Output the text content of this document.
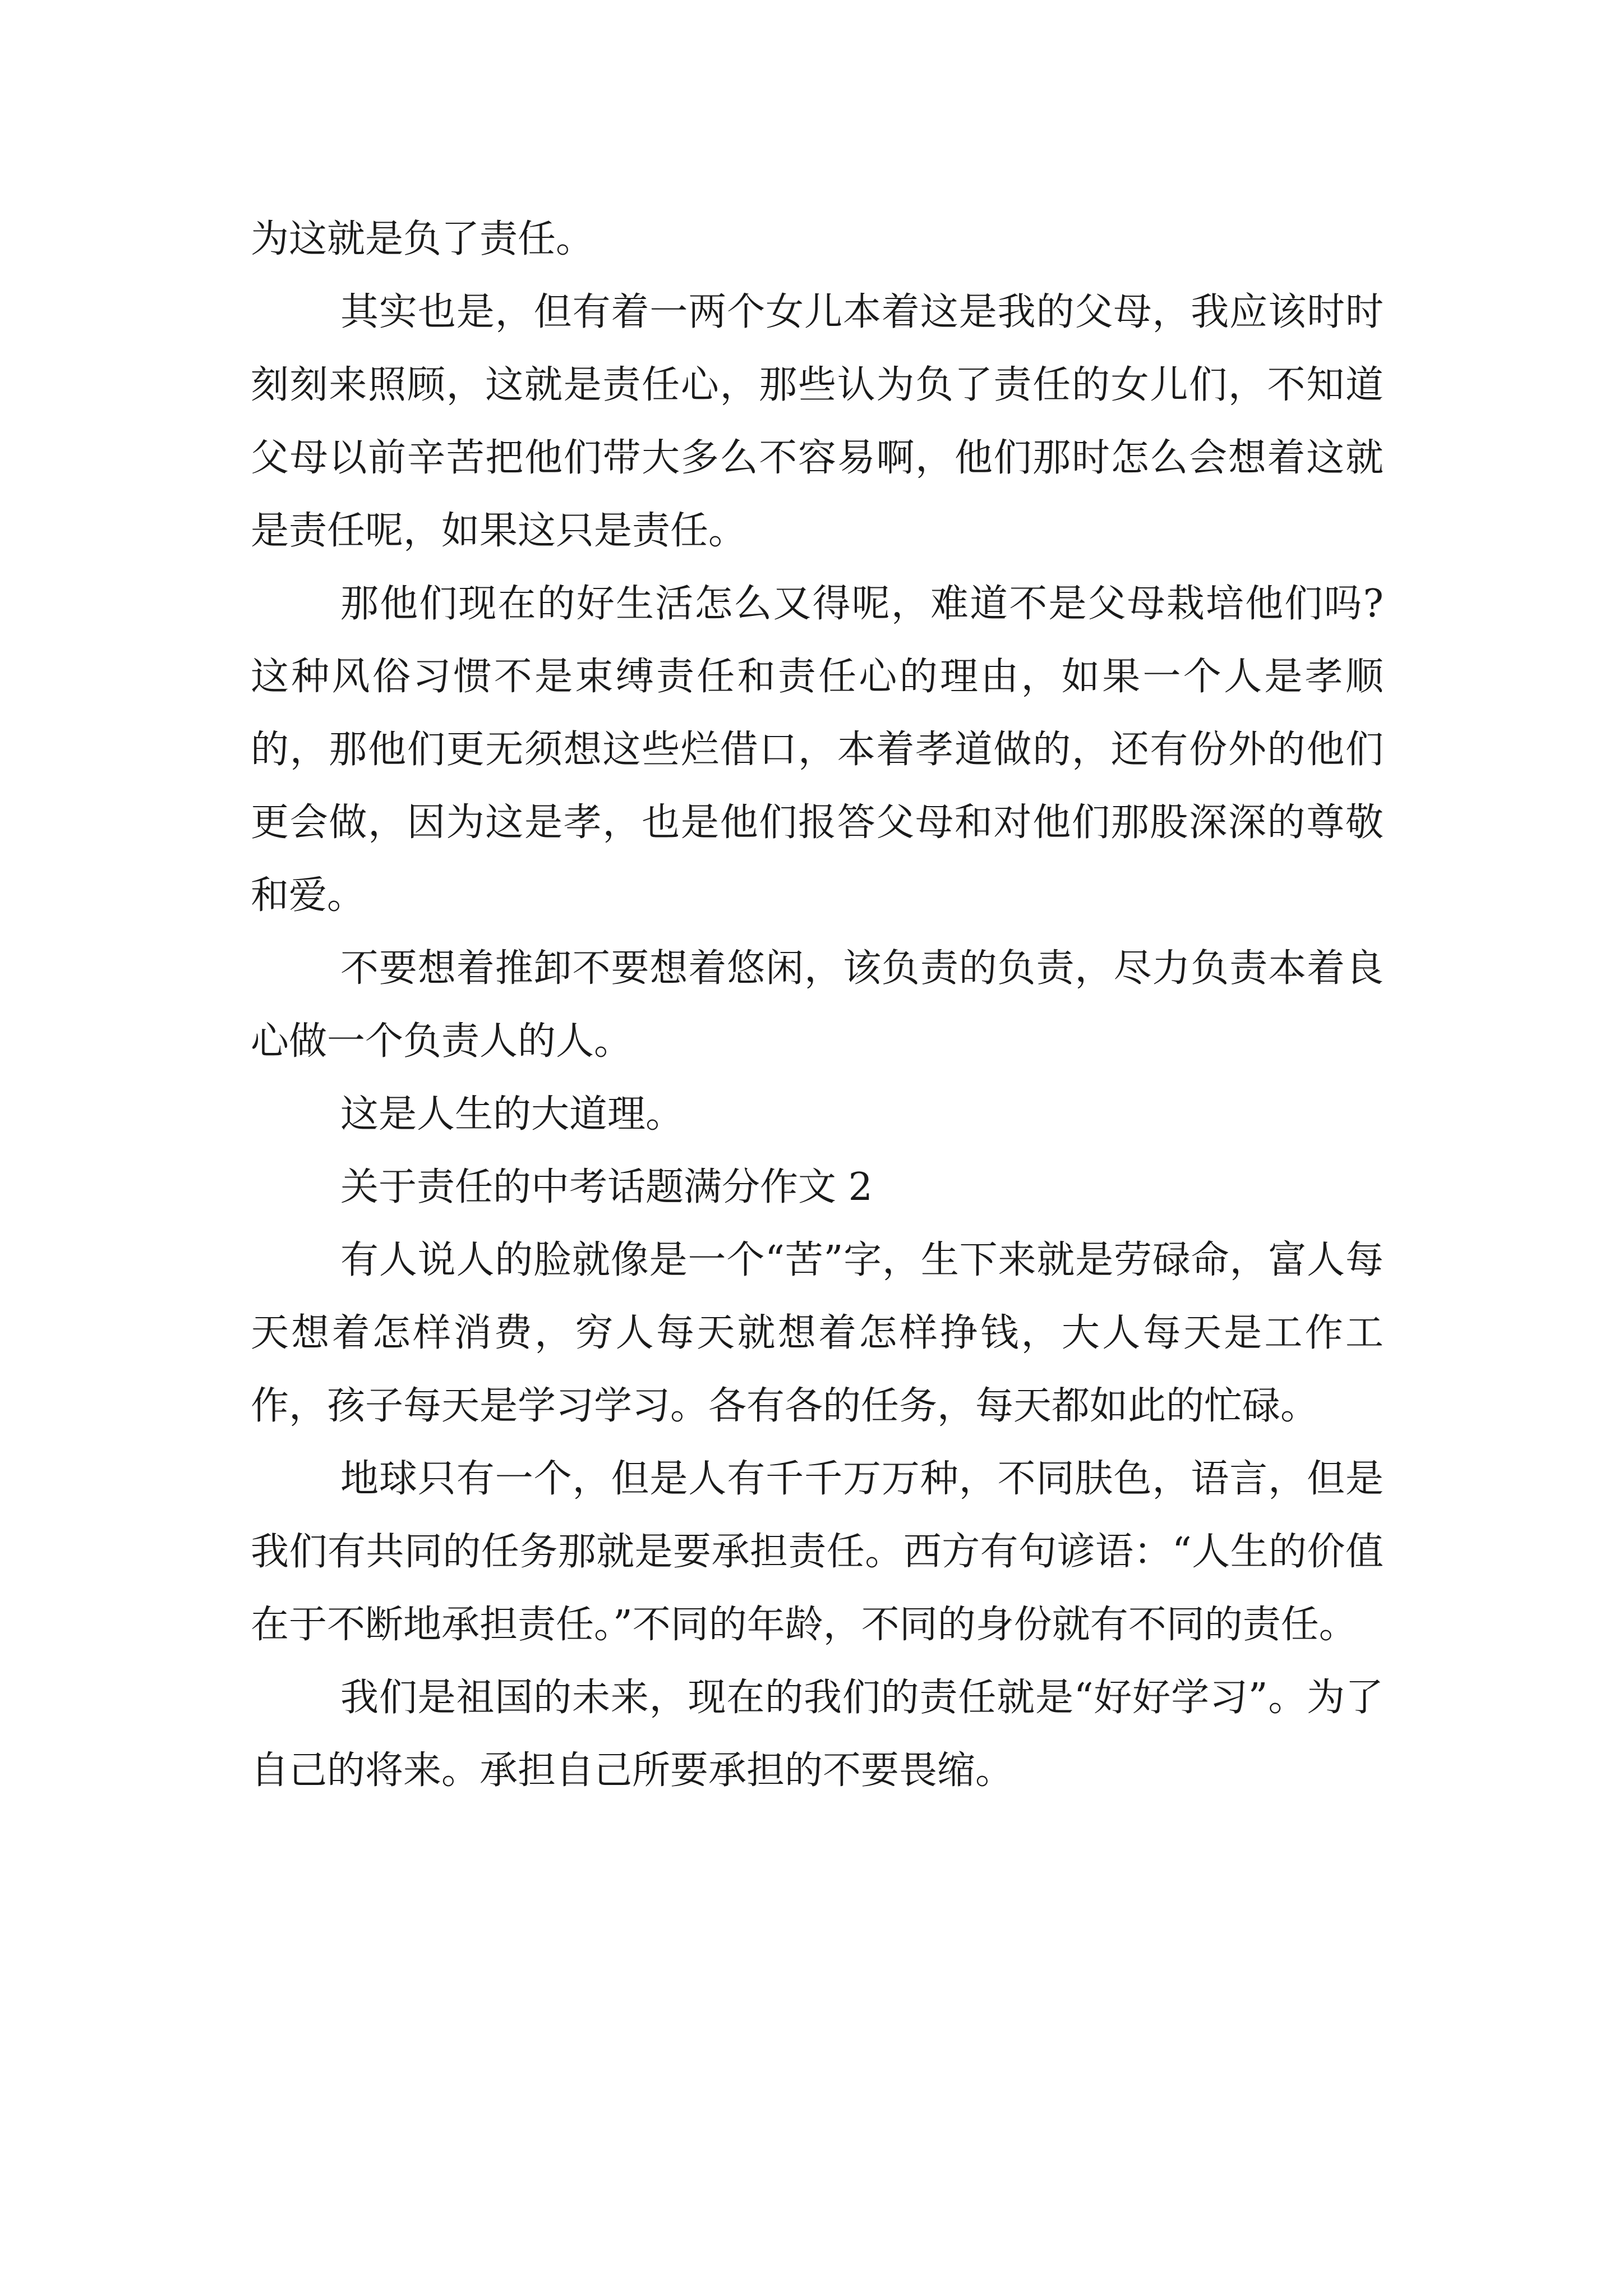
为这就是负了责任。

其实也是，但有着一两个女儿本着这是我的父母，我应该时时刻刻来照顾，这就是责任心，那些认为负了责任的女儿们，不知道父母以前辛苦把他们带大多么不容易啊，他们那时怎么会想着这就是责任呢，如果这只是责任。

那他们现在的好生活怎么又得呢，难道不是父母栽培他们吗?这种风俗习惯不是束缚责任和责任心的理由，如果一个人是孝顺的，那他们更无须想这些烂借口，本着孝道做的，还有份外的他们更会做，因为这是孝，也是他们报答父母和对他们那股深深的尊敬和爱。

不要想着推卸不要想着悠闲，该负责的负责，尽力负责本着良心做一个负责人的人。

这是人生的大道理。

关于责任的中考话题满分作文 2

有人说人的脸就像是一个“苦”字，生下来就是劳碌命，富人每天想着怎样消费，穷人每天就想着怎样挣钱，大人每天是工作工作，孩子每天是学习学习。各有各的任务，每天都如此的忙碌。

地球只有一个，但是人有千千万万种，不同肤色，语言，但是我们有共同的任务那就是要承担责任。西方有句谚语：“人生的价值在于不断地承担责任。”不同的年龄，不同的身份就有不同的责任。

我们是祖国的未来，现在的我们的责任就是“好好学习”。为了自己的将来。承担自己所要承担的不要畏缩。
